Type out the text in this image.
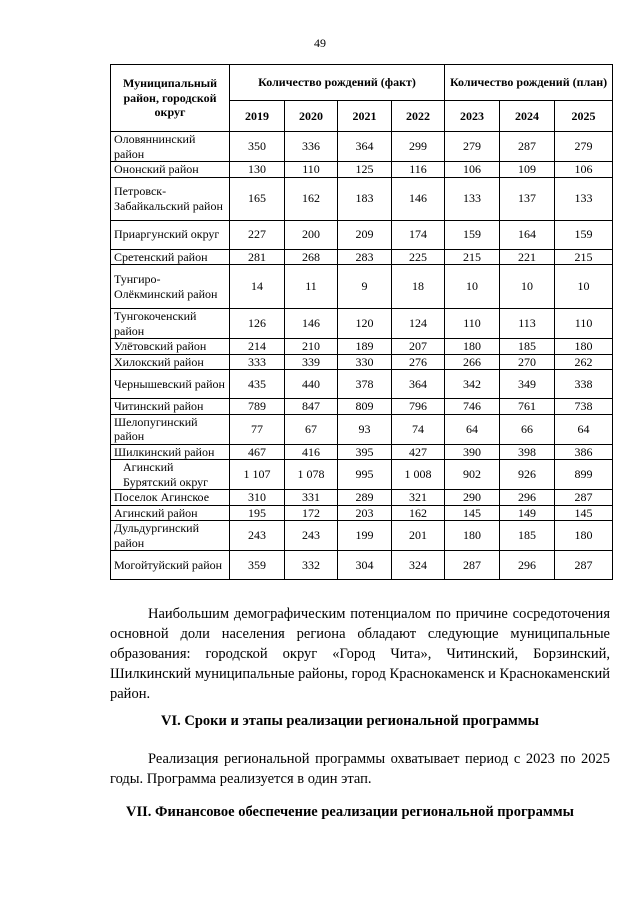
49
Муниципальный район, городской округ	Количество рождений (факт)				Количество рождений (план)		
	2019	2020	2021	2022	2023	2024	2025
Оловяннинский район	350	336	364	299	279	287	279
Ононский район	130	110	125	116	106	109	106
Петровск-Забайкальский район	165	162	183	146	133	137	133
Приаргунский округ	227	200	209	174	159	164	159
Сретенский район	281	268	283	225	215	221	215
Тунгиро-Олёкминский район	14	11	9	18	10	10	10
Тунгокоченский район	126	146	120	124	110	113	110
Улётовский район	214	210	189	207	180	185	180
Хилокский район	333	339	330	276	266	270	262
Чернышевский район	435	440	378	364	342	349	338
Читинский район	789	847	809	796	746	761	738
Шелопугинский район	77	67	93	74	64	66	64
Шилкинский район	467	416	395	427	390	398	386
Агинский Бурятский округ	1 107	1 078	995	1 008	902	926	899
Поселок Агинское	310	331	289	321	290	296	287
Агинский район	195	172	203	162	145	149	145
Дульдургинский район	243	243	199	201	180	185	180
Могойтуйский район	359	332	304	324	287	296	287
Наибольшим демографическим потенциалом по причине сосредоточения основной доли населения региона обладают следующие муниципальные образования: городской округ «Город Чита», Читинский, Борзинский, Шилкинский муниципальные районы, город Краснокаменск и Краснокаменский район.
VI. Сроки и этапы реализации региональной программы
Реализация региональной программы охватывает период с 2023 по 2025 годы. Программа реализуется в один этап.
VII. Финансовое обеспечение реализации региональной программы
